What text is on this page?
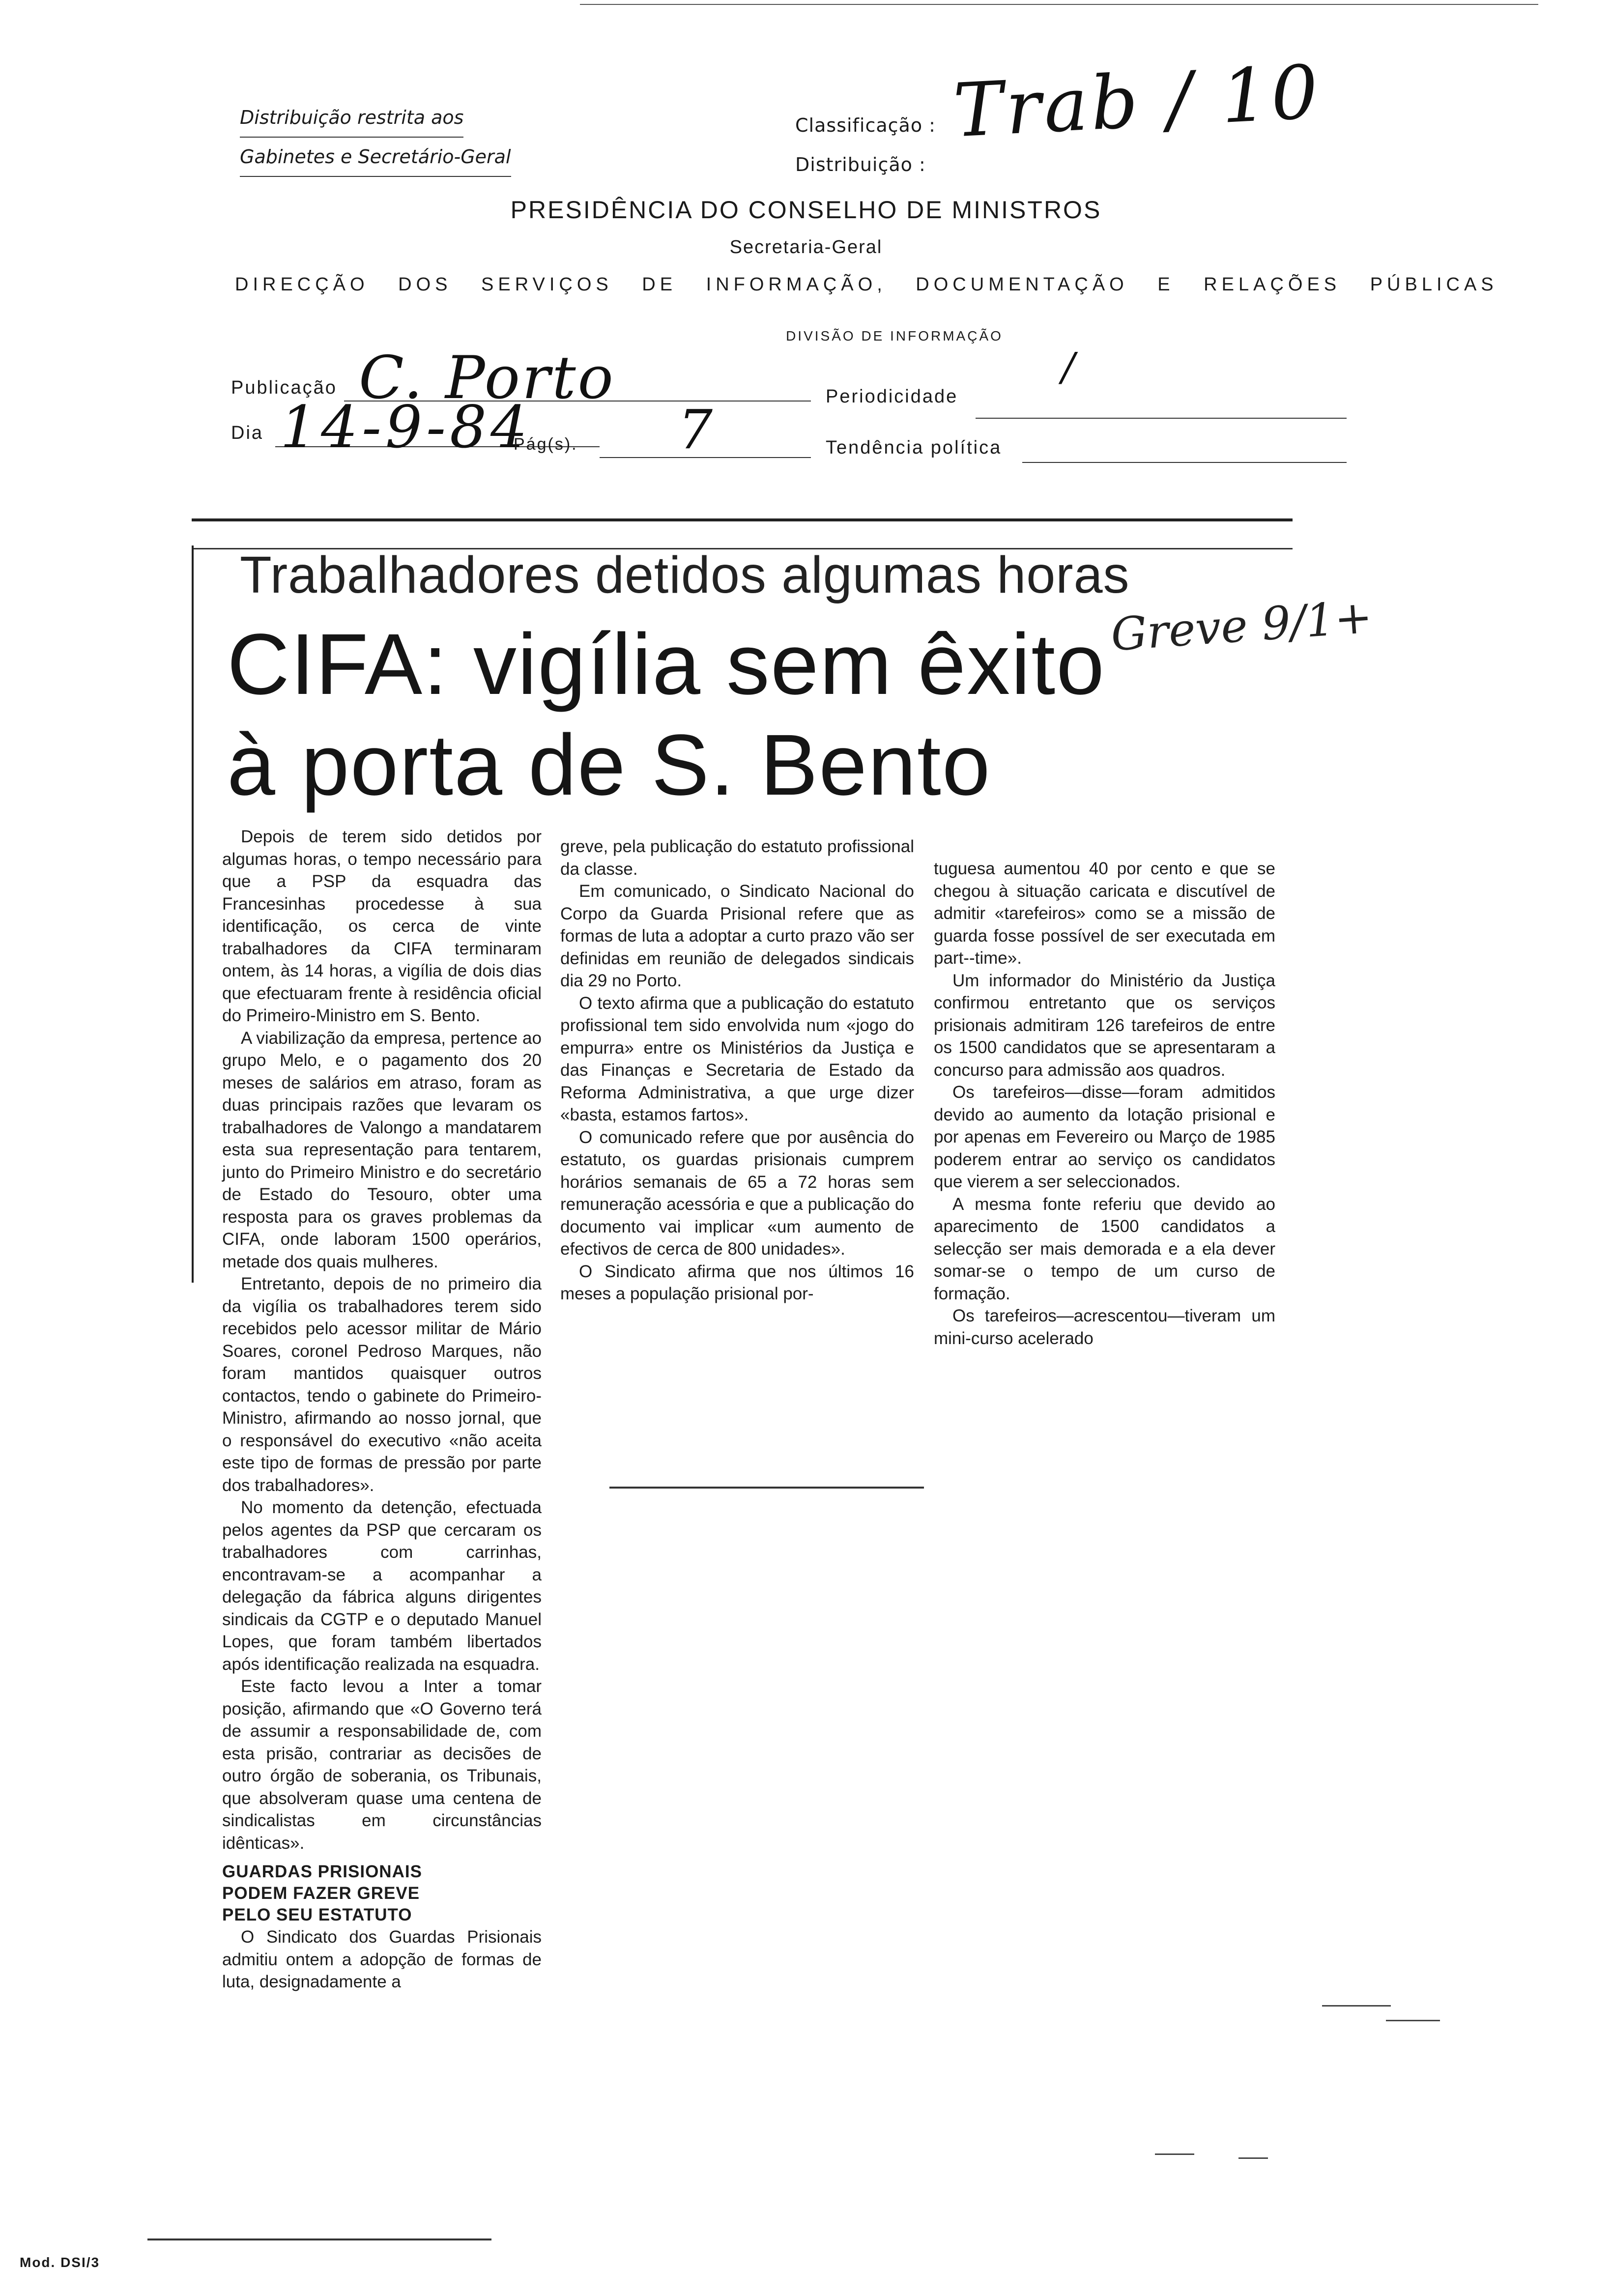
Distribuição restrita aos
Gabinetes e Secretário-Geral
Classificação :
Distribuição :
Trab / 10
PRESIDÊNCIA DO CONSELHO DE MINISTROS
Secretaria-Geral
DIRECÇÃO DOS SERVIÇOS DE INFORMAÇÃO, DOCUMENTAÇÃO E RELAÇÕES PÚBLICAS
DIVISÃO DE INFORMAÇÃO
Publicação C. Porto	Periodicidade
/
Dia 14-9-84
Pág(s). 7	Tendência política
Trabalhadores detidos algumas horas
CIFA: vigília sem êxito
à porta de S. Bento
Greve 9/1+

Depois de terem sido detidos por algumas horas, o tempo necessário para que a PSP da esquadra das Francesinhas procedesse à sua identificação, os cerca de vinte trabalhadores da CIFA terminaram ontem, às 14 horas, a vigília de dois dias que efectuaram frente à residência oficial do Primeiro-Ministro em S. Bento.

A viabilização da empresa, pertence ao grupo Melo, e o pagamento dos 20 meses de salários em atraso, foram as duas principais razões que levaram os trabalhadores de Valongo a mandatarem esta sua representação para tentarem, junto do Primeiro Ministro e do secretário de Estado do Tesouro, obter uma resposta para os graves problemas da CIFA, onde laboram 1500 operários, metade dos quais mulheres.

Entretanto, depois de no primeiro dia da vigília os trabalhadores terem sido recebidos pelo acessor militar de Mário Soares, coronel Pedroso Marques, não foram mantidos quaisquer outros contactos, tendo o gabinete do Primeiro-Ministro, afirmando ao nosso jornal, que o responsável do executivo «não aceita este tipo de formas de pressão por parte dos trabalhadores».

No momento da detenção, efectuada pelos agentes da PSP que cercaram os trabalhadores com carrinhas, encontravam-se a acompanhar a delegação da fábrica alguns dirigentes sindicais da CGTP e o deputado Manuel Lopes, que foram também libertados após identificação realizada na esquadra.

Este facto levou a Inter a tomar posição, afirmando que «O Governo terá de assumir a responsabilidade de, com esta prisão, contrariar as decisões de outro órgão de soberania, os Tribunais, que absolveram quase uma centena de sindicalistas em circunstâncias idênticas».

GUARDAS PRISIONAIS
PODEM FAZER GREVE
PELO SEU ESTATUTO

O Sindicato dos Guardas Prisionais admitiu ontem a adopção de formas de luta, designadamente a

greve, pela publicação do estatuto profissional da classe.

Em comunicado, o Sindicato Nacional do Corpo da Guarda Prisional refere que as formas de luta a adoptar a curto prazo vão ser definidas em reunião de delegados sindicais dia 29 no Porto.

O texto afirma que a publicação do estatuto profissional tem sido envolvida num «jogo do empurra» entre os Ministérios da Justiça e das Finanças e Secretaria de Estado da Reforma Administrativa, a que urge dizer «basta, estamos fartos».

O comunicado refere que por ausência do estatuto, os guardas prisionais cumprem horários semanais de 65 a 72 horas sem remuneração acessória e que a publicação do documento vai implicar «um aumento de efectivos de cerca de 800 unidades».

O Sindicato afirma que nos últimos 16 meses a população prisional por-

tuguesa aumentou 40 por cento e que se chegou à situação caricata e discutível de admitir «tarefeiros» como se a missão de guarda fosse possível de ser executada em part--time».

Um informador do Ministério da Justiça confirmou entretanto que os serviços prisionais admitiram 126 tarefeiros de entre os 1500 candidatos que se apresentaram a concurso para admissão aos quadros.

Os tarefeiros—disse—foram admitidos devido ao aumento da lotação prisional e por apenas em Fevereiro ou Março de 1985 poderem entrar ao serviço os candidatos que vierem a ser seleccionados.

A mesma fonte referiu que devido ao aparecimento de 1500 candidatos a selecção ser mais demorada e a ela dever somar-se o tempo de um curso de formação.

Os tarefeiros—acrescentou—tiveram um mini-curso acelerado

Mod. DSI/3
